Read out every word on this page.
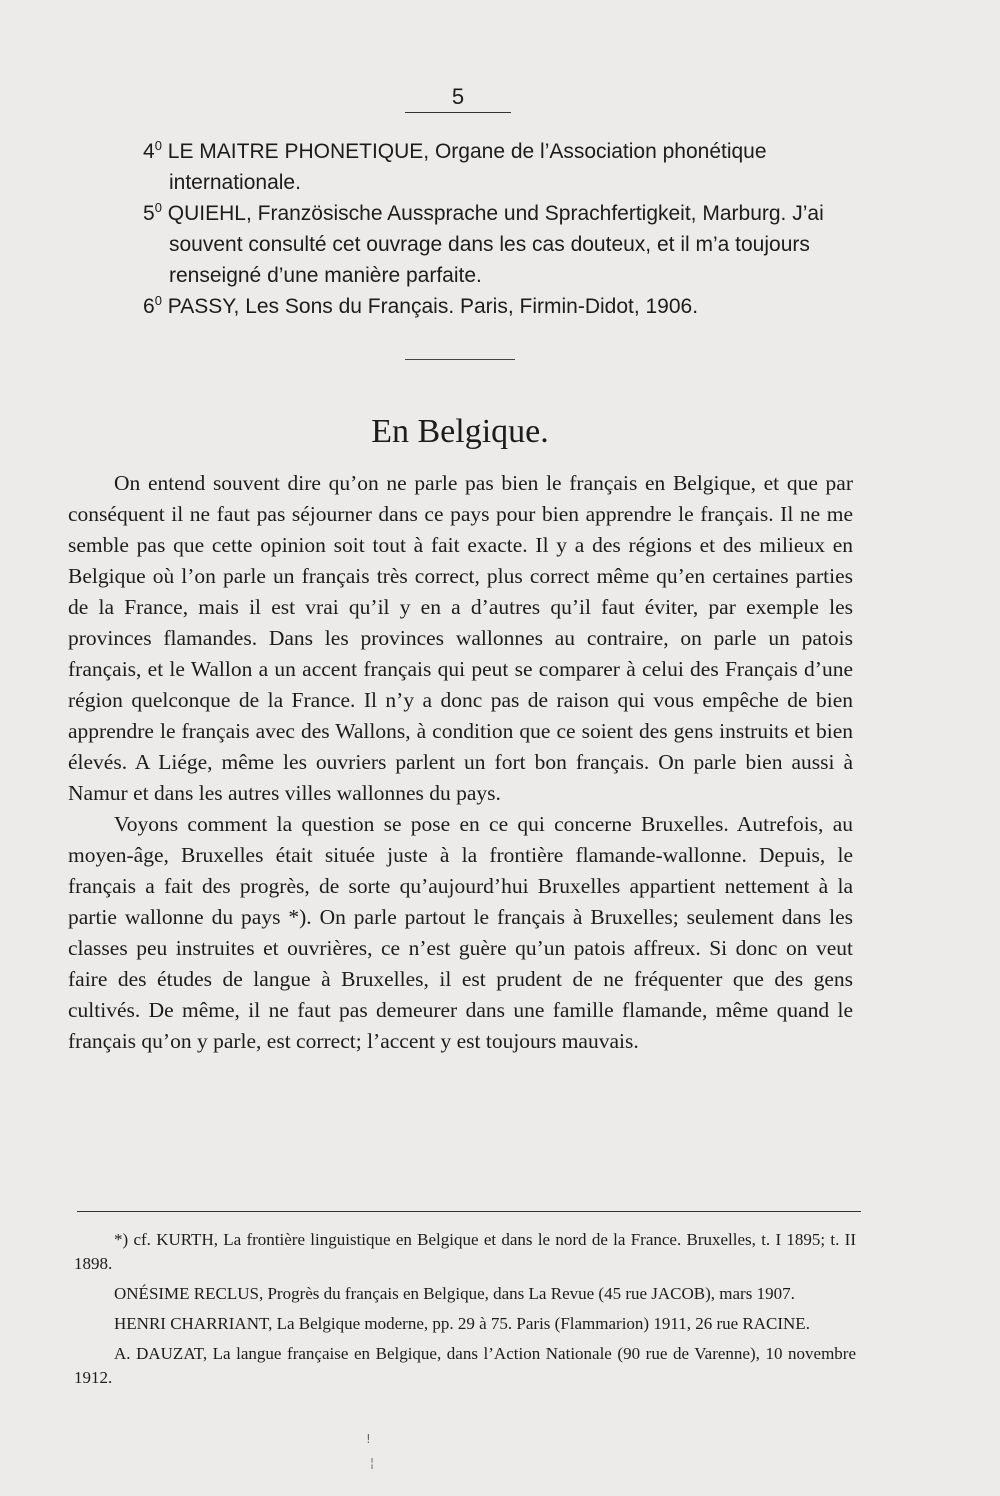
5
$4^0$ LE MAITRE PHONETIQUE, Organe de l’Association phonétique internationale.
$5^0$ QUIEHL, Französische Aussprache und Sprachfertigkeit, Marburg. J’ai souvent consulté cet ouvrage dans les cas douteux, et il m’a toujours renseigné d’une manière parfaite.
$6^0$ PASSY, Les Sons du Français. Paris, Firmin-Didot, 1906.
En Belgique.

On entend souvent dire qu’on ne parle pas bien le français en Belgique, et que par conséquent il ne faut pas séjourner dans ce pays pour bien apprendre le français. Il ne me semble pas que cette opinion soit tout à fait exacte. Il y a des régions et des milieux en Belgique où l’on parle un français très correct, plus correct même qu’en certaines parties de la France, mais il est vrai qu’il y en a d’autres qu’il faut éviter, par exemple les provinces flamandes. Dans les provinces wallonnes au contraire, on parle un patois français, et le Wallon a un accent français qui peut se comparer à celui des Français d’une région quelconque de la France. Il n’y a donc pas de raison qui vous empêche de bien apprendre le français avec des Wallons, à condition que ce soient des gens instruits et bien élevés. A Liége, même les ouvriers parlent un fort bon français. On parle bien aussi à Namur et dans les autres villes wallonnes du pays.

Voyons comment la question se pose en ce qui concerne Bruxelles. Autrefois, au moyen-âge, Bruxelles était située juste à la frontière flamande-wallonne. Depuis, le français a fait des progrès, de sorte qu’aujourd’hui Bruxelles appartient nettement à la partie wallonne du pays *). On parle partout le français à Bruxelles; seulement dans les classes peu instruites et ouvrières, ce n’est guère qu’un patois affreux. Si donc on veut faire des études de langue à Bruxelles, il est prudent de ne fréquenter que des gens cultivés. De même, il ne faut pas demeurer dans une famille flamande, même quand le français qu’on y parle, est correct; l’accent y est toujours mauvais.

*) cf. KURTH, La frontière linguistique en Belgique et dans le nord de la France. Bruxelles, t. I 1895; t. II 1898.

ONÉSIME RECLUS, Progrès du français en Belgique, dans La Revue (45 rue JACOB), mars 1907.

HENRI CHARRIANT, La Belgique moderne, pp. 29 à 75. Paris (Flammarion) 1911, 26 rue RACINE.

A. DAUZAT, La langue française en Belgique, dans l’Action Nationale (90 rue de Varenne), 10 novembre 1912.

!
¦
